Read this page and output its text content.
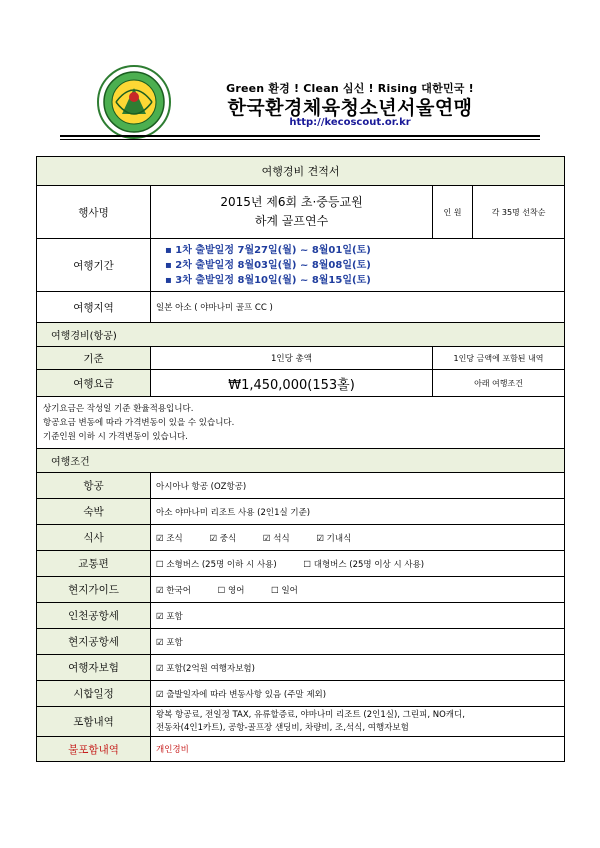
Green 환경 ! Clean 심신 ! Rising 대한민국 !
한국환경체육청소년서울연맹
http://kecoscout.or.kr
여행경비 견적서			
행사명	2015년 제6회 초·중등교원
하계 골프연수	인 원	각 35명 선착순
여행기간	▪ 1차 출발일정 7월27일(월) ~ 8월01일(토)
▪ 2차 출발일정 8월03일(월) ~ 8월08일(토)
▪ 3차 출발일정 8월10일(월) ~ 8월15일(토)		

여행지역	일본 아소 ( 야마나미 골프 CC )		
여행경비(항공)			
기준	1인당 총액	1인당 금액에 포함된 내역	
여행요금	₩1,450,000(153홀)	아래 여행조건	

상기요금은 작성일 기준 환율적용입니다.
항공요금 변동에 따라 가격변동이 있을 수 있습니다.
기준인원 이하 시 가격변동이 있습니다.			

여행조건			
항공	아시아나 항공 (OZ항공)		
숙박	아소 야마나미 리조트 사용 (2인1실 기준)		
식사	☑ 조식 ☑ 중식 ☑ 석식 ☑ 기내식		
교통편	☐ 소형버스 (25명 이하 시 사용) ☐ 대형버스 (25명 이상 시 사용)		
현지가이드	☑ 한국어 ☐ 영어 ☐ 일어		
인천공항세	☑ 포함		
현지공항세	☑ 포함		
여행자보험	☑ 포함(2억원 여행자보험)		
시합일정	☑ 출발일자에 따라 변동사항 있음 (주말 제외)		
포함내역	왕복 항공료, 전일정 TAX, 유류할증료, 야마나미 리조트 (2인1실), 그린피, NO캐디,
전동차(4인1카트), 공항-골프장 샌딩비, 차량비, 조,석식, 여행자보험		

불포함내역	개인경비		
